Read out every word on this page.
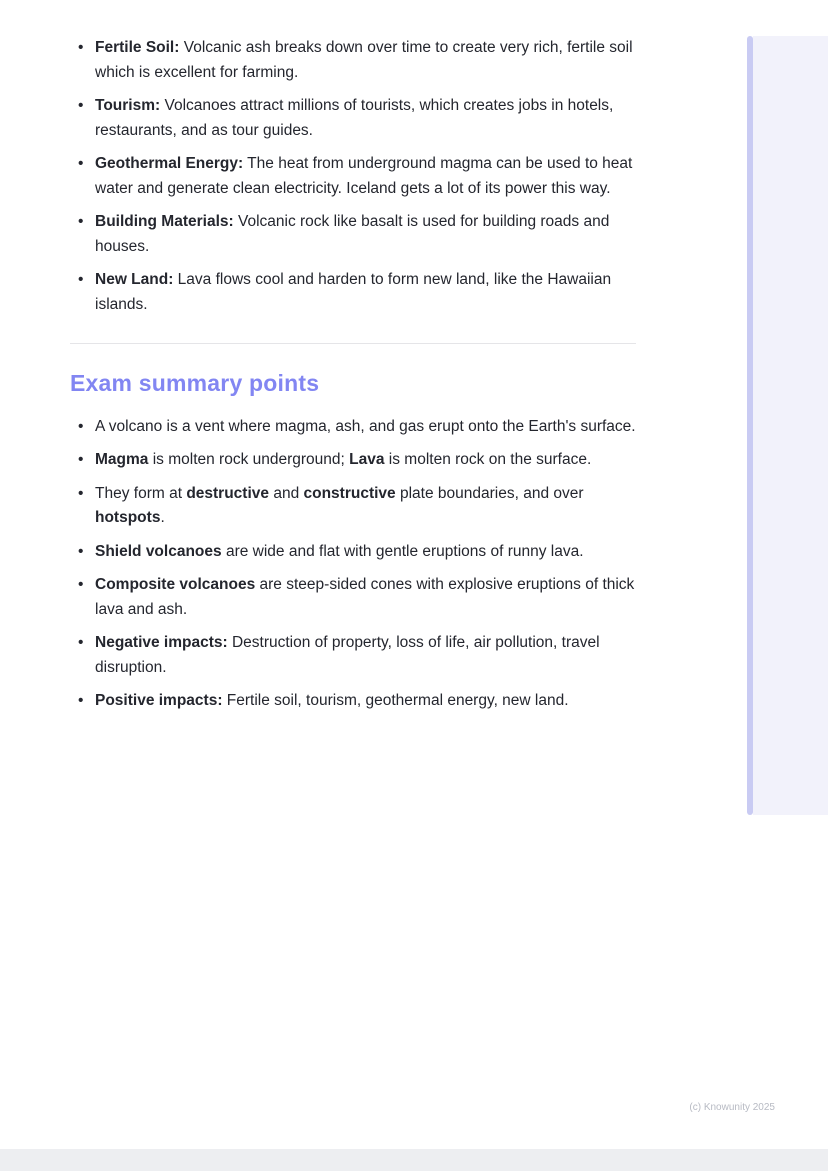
• Fertile Soil: Volcanic ash breaks down over time to create very rich, fertile soil which is excellent for farming.
• Tourism: Volcanoes attract millions of tourists, which creates jobs in hotels, restaurants, and as tour guides.
• Geothermal Energy: The heat from underground magma can be used to heat water and generate clean electricity. Iceland gets a lot of its power this way.
• Building Materials: Volcanic rock like basalt is used for building roads and houses.
• New Land: Lava flows cool and harden to form new land, like the Hawaiian islands.
Exam summary points
• A volcano is a vent where magma, ash, and gas erupt onto the Earth's surface.
• Magma is molten rock underground; Lava is molten rock on the surface.
• They form at destructive and constructive plate boundaries, and over hotspots.
• Shield volcanoes are wide and flat with gentle eruptions of runny lava.
• Composite volcanoes are steep-sided cones with explosive eruptions of thick lava and ash.
• Negative impacts: Destruction of property, loss of life, air pollution, travel disruption.
• Positive impacts: Fertile soil, tourism, geothermal energy, new land.
(c) Knowunity 2025
